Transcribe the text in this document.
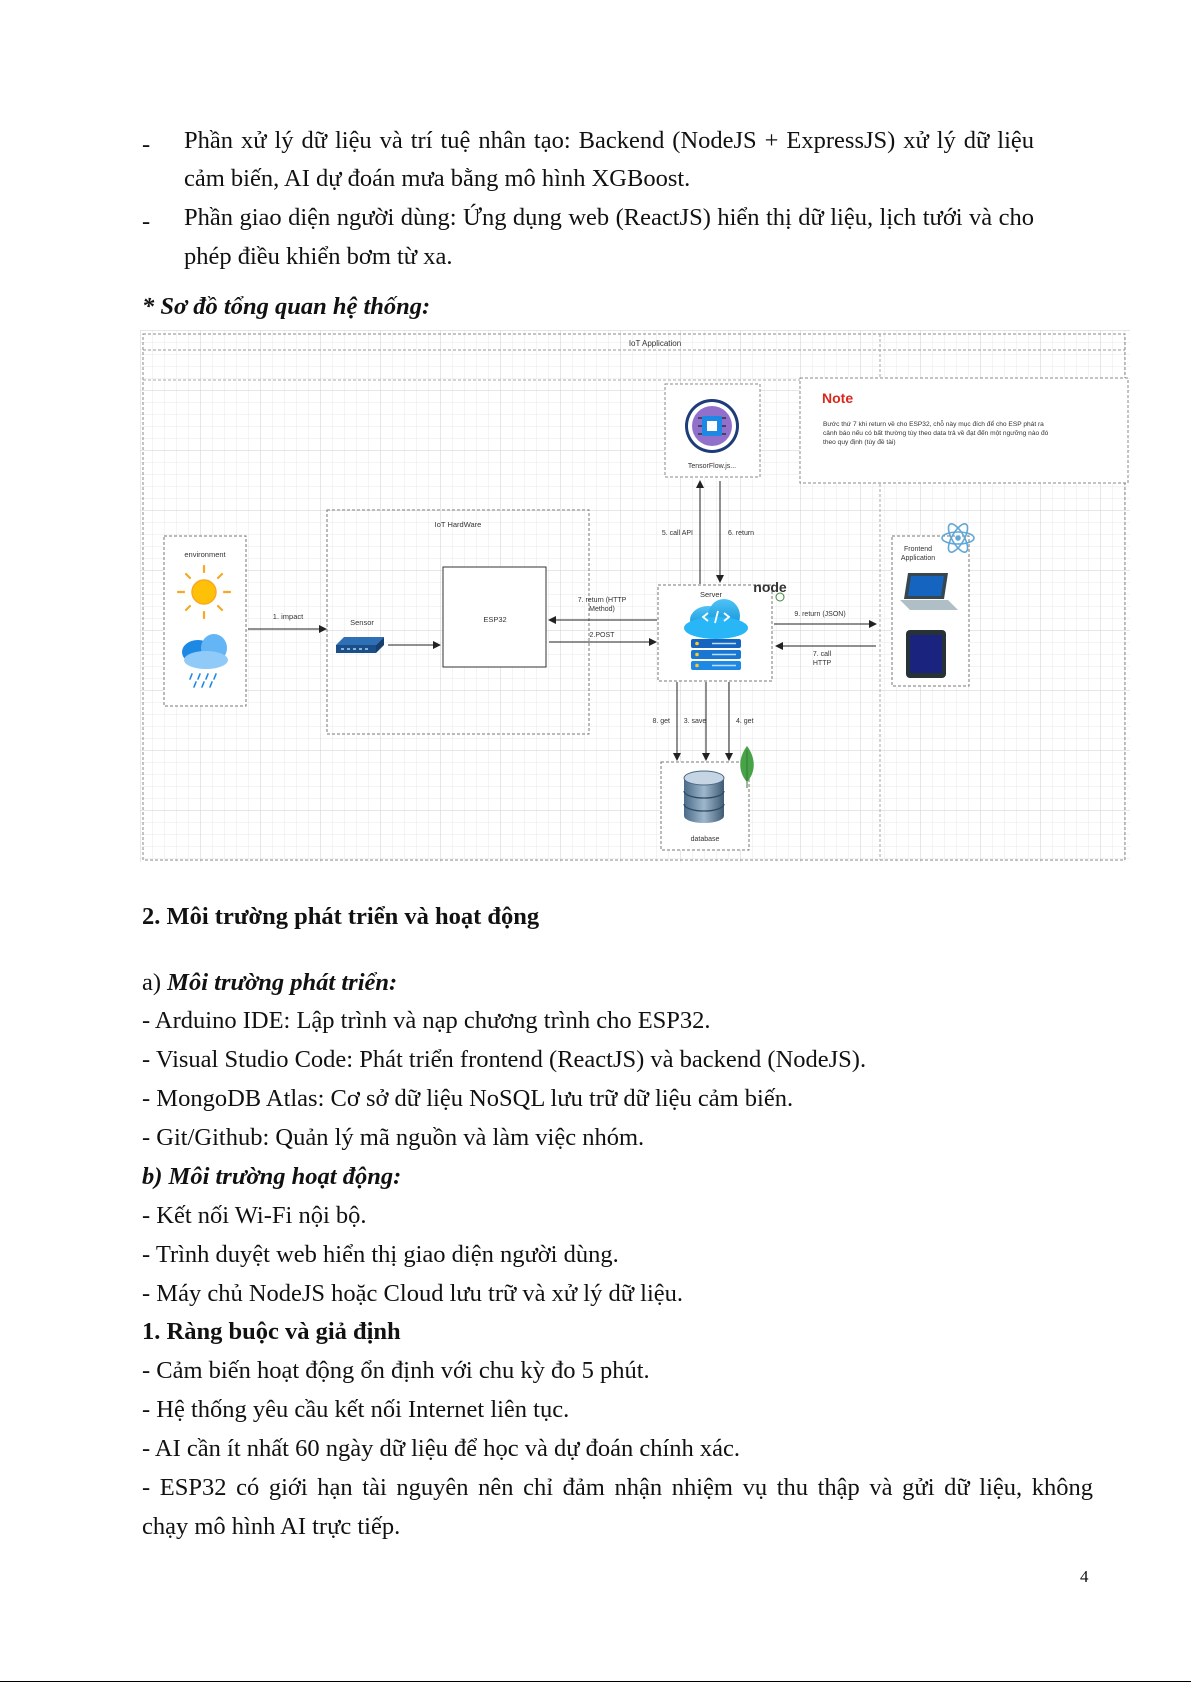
- Phần xử lý dữ liệu và trí tuệ nhân tạo: Backend (NodeJS + ExpressJS) xử lý dữ liệu
cảm biến, AI dự đoán mưa bằng mô hình XGBoost.
- Phần giao diện người dùng: Ứng dụng web (ReactJS) hiển thị dữ liệu, lịch tưới và cho
phép điều khiển bơm từ xa.
* Sơ đồ tổng quan hệ thống:
IoT Application
Note
Bước thứ 7 khi return về cho ESP32, chỗ này mục đích để cho ESP phát ra
cảnh báo nếu có bất thường tùy theo data trả về đạt đến một ngưỡng nào đó
theo quy định (tùy đề tài)
TensorFlow.js...
IoT HardWare
environment
1. impact
Sensor	ESP32
Server node
7. return (HTTP
Method)
2.POST
5. call API	6. return
Frontend
Application
9. return (JSON)
7. call
HTTP
8. get 3. save	4. get
database
2. Môi trường phát triển và hoạt động
a) Môi trường phát triển:
- Arduino IDE: Lập trình và nạp chương trình cho ESP32.
- Visual Studio Code: Phát triển frontend (ReactJS) và backend (NodeJS).
- MongoDB Atlas: Cơ sở dữ liệu NoSQL lưu trữ dữ liệu cảm biến.
- Git/Github: Quản lý mã nguồn và làm việc nhóm.
b) Môi trường hoạt động:
- Kết nối Wi-Fi nội bộ.
- Trình duyệt web hiển thị giao diện người dùng.
- Máy chủ NodeJS hoặc Cloud lưu trữ và xử lý dữ liệu.
1. Ràng buộc và giả định
- Cảm biến hoạt động ổn định với chu kỳ đo 5 phút.
- Hệ thống yêu cầu kết nối Internet liên tục.
- AI cần ít nhất 60 ngày dữ liệu để học và dự đoán chính xác.
- ESP32 có giới hạn tài nguyên nên chỉ đảm nhận nhiệm vụ thu thập và gửi dữ liệu, không
chạy mô hình AI trực tiếp.
4
